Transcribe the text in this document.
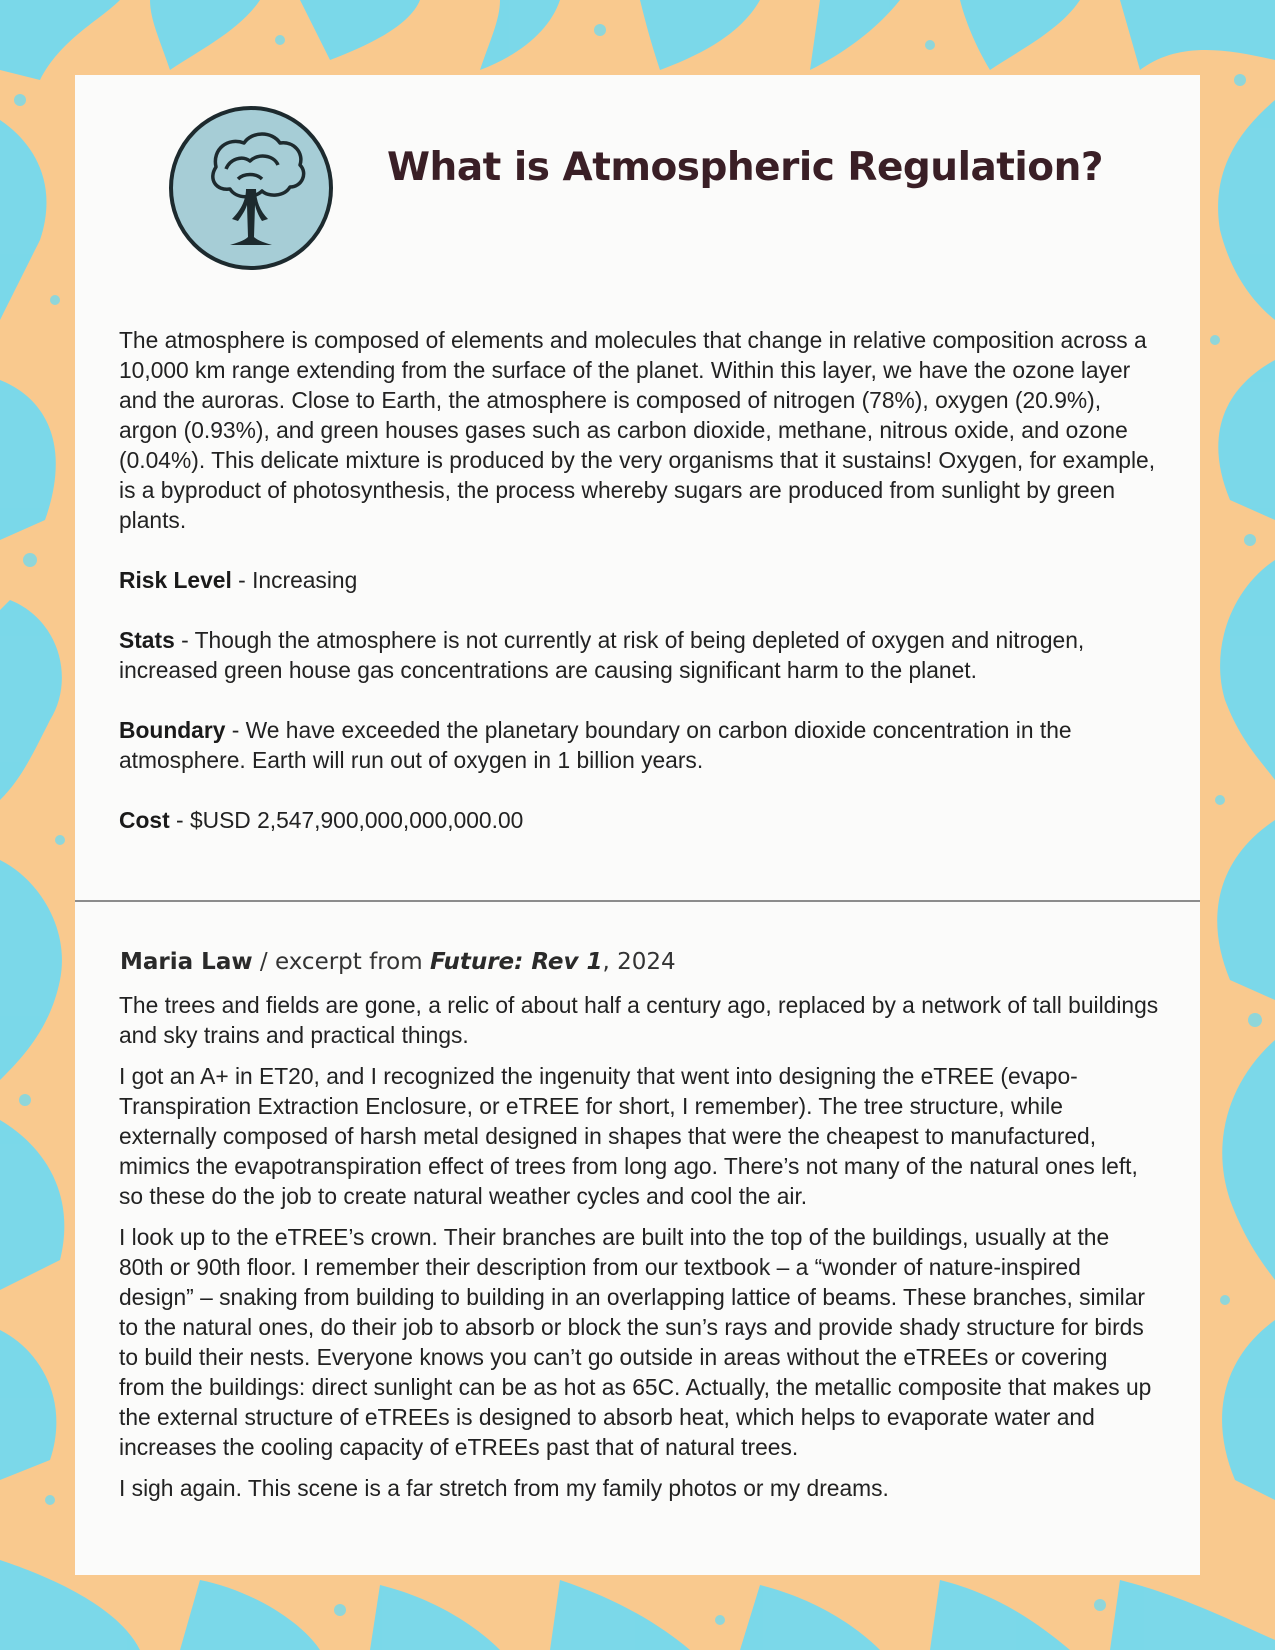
What is Atmospheric Regulation?

The atmosphere is composed of elements and molecules that change in relative composition across a 10,000 km range extending from the surface of the planet. Within this layer, we have the ozone layer and the auroras. Close to Earth, the atmosphere is composed of nitrogen (78%), oxygen (20.9%), argon (0.93%), and green houses gases such as carbon dioxide, methane, nitrous oxide, and ozone (0.04%). This delicate mixture is produced by the very organisms that it sustains! Oxygen, for example, is a byproduct of photosynthesis, the process whereby sugars are produced from sunlight by green plants.

Risk Level - Increasing

Stats - Though the atmosphere is not currently at risk of being depleted of oxygen and nitrogen, increased green house gas concentrations are causing significant harm to the planet.

Boundary - We have exceeded the planetary boundary on carbon dioxide concentration in the atmosphere. Earth will run out of oxygen in 1 billion years.

Cost - $USD 2,547,900,000,000,000.00

Maria Law / excerpt from Future: Rev 1, 2024

The trees and fields are gone, a relic of about half a century ago, replaced by a network of tall buildings and sky trains and practical things.

I got an A+ in ET20, and I recognized the ingenuity that went into designing the eTREE (evapo-Transpiration Extraction Enclosure, or eTREE for short, I remember). The tree structure, while externally composed of harsh metal designed in shapes that were the cheapest to manufactured, mimics the evapotranspiration effect of trees from long ago. There’s not many of the natural ones left, so these do the job to create natural weather cycles and cool the air.

I look up to the eTREE’s crown. Their branches are built into the top of the buildings, usually at the 80th or 90th floor. I remember their description from our textbook – a “wonder of nature-inspired design” – snaking from building to building in an overlapping lattice of beams. These branches, similar to the natural ones, do their job to absorb or block the sun’s rays and provide shady structure for birds to build their nests. Everyone knows you can’t go outside in areas without the eTREEs or covering from the buildings: direct sunlight can be as hot as 65C. Actually, the metallic composite that makes up the external structure of eTREEs is designed to absorb heat, which helps to evaporate water and increases the cooling capacity of eTREEs past that of natural trees.

I sigh again. This scene is a far stretch from my family photos or my dreams.
